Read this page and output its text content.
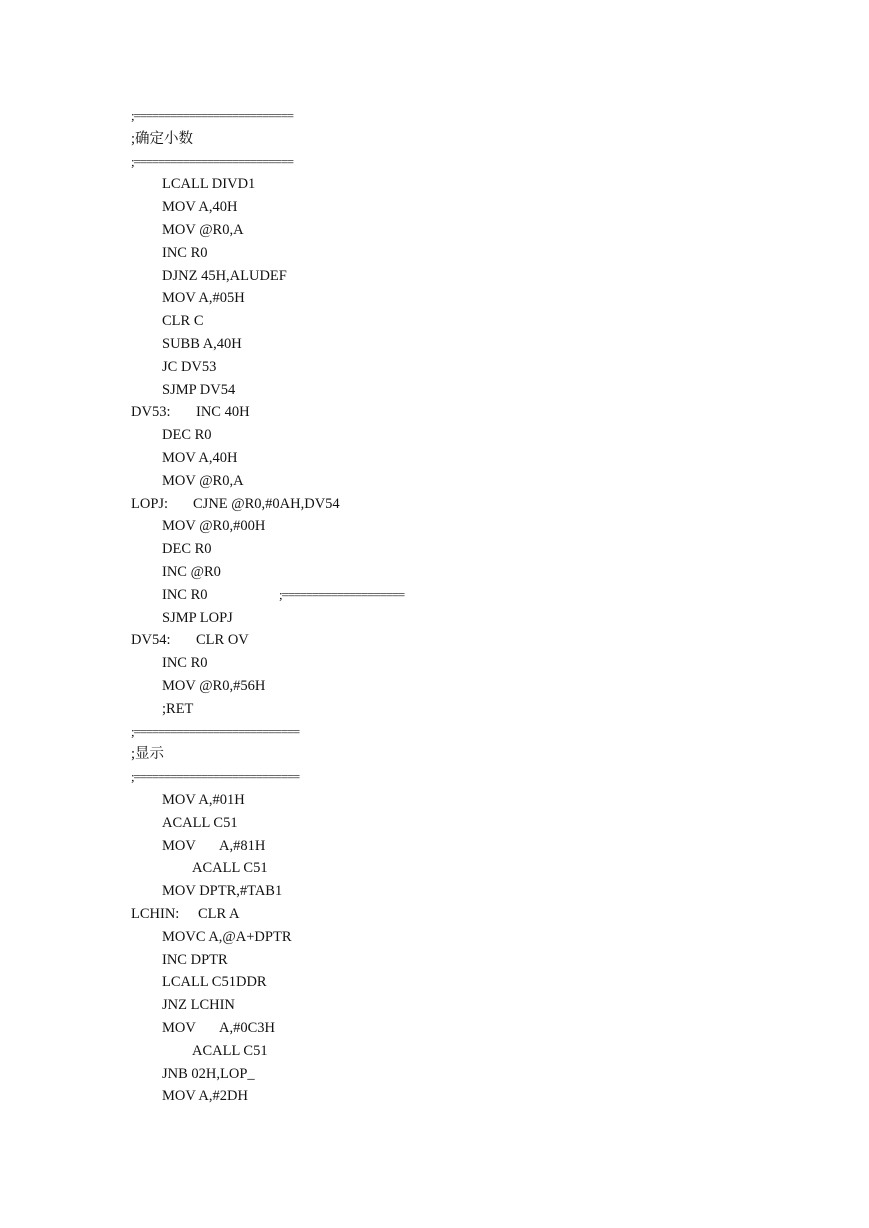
;==========================
;确定小数
;==========================
LCALL DIVD1
MOV A,40H
MOV @R0,A
INC R0
DJNZ 45H,ALUDEF
MOV A,#05H
CLR C
SUBB A,40H
JC DV53
SJMP DV54
DV53: INC 40H
DEC R0
MOV A,40H
MOV @R0,A
LOPJ: CJNE @R0,#0AH,DV54
MOV @R0,#00H
DEC R0
INC @R0
INC R0	;====================
SJMP LOPJ
DV54: CLR OV
INC R0
MOV @R0,#56H
;RET
;===========================
;显示
;===========================
MOV A,#01H
ACALL C51
MOV A,#81H
ACALL C51
MOV DPTR,#TAB1
LCHIN: CLR A
MOVC A,@A+DPTR
INC DPTR
LCALL C51DDR
JNZ LCHIN
MOV A,#0C3H
ACALL C51
JNB 02H,LOP_
MOV A,#2DH
